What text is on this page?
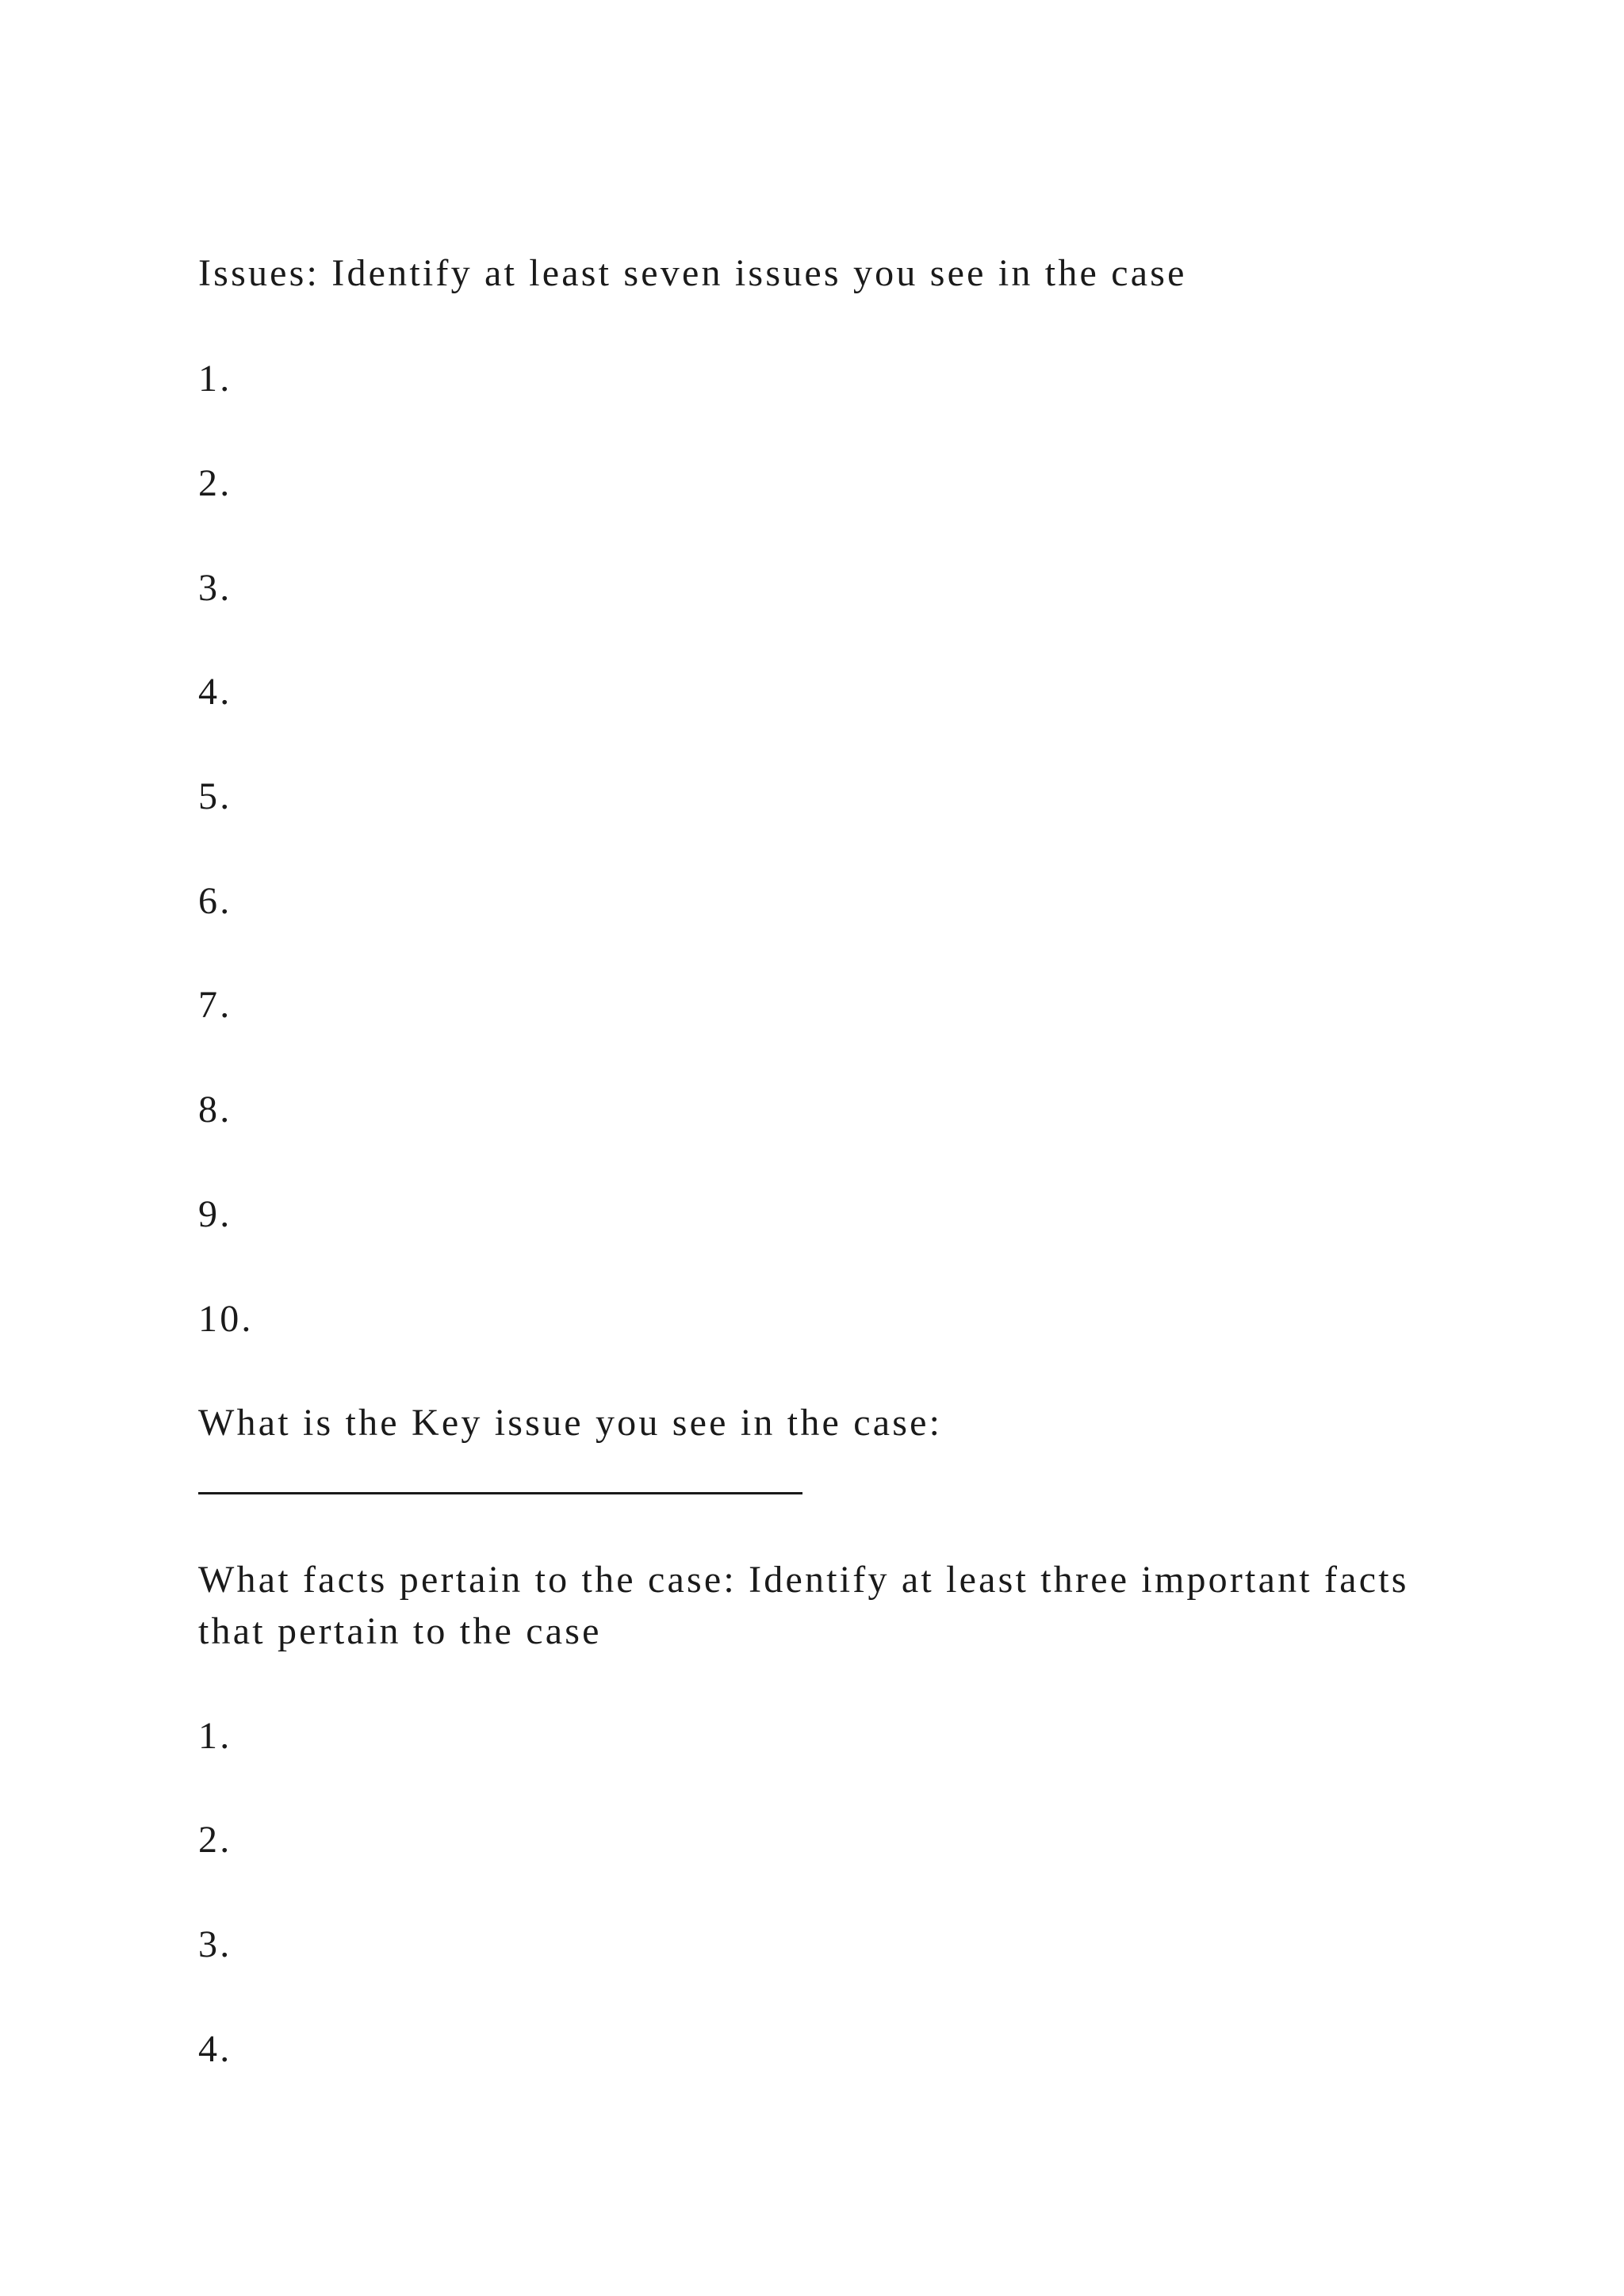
Issues: Identify at least seven issues you see in the case

1.

2.

3.

4.

5.

6.

7.

8.

9.

10.

What is the Key issue you see in the case:

What facts pertain to the case: Identify at least three important facts that pertain to the case

1.

2.

3.

4.
